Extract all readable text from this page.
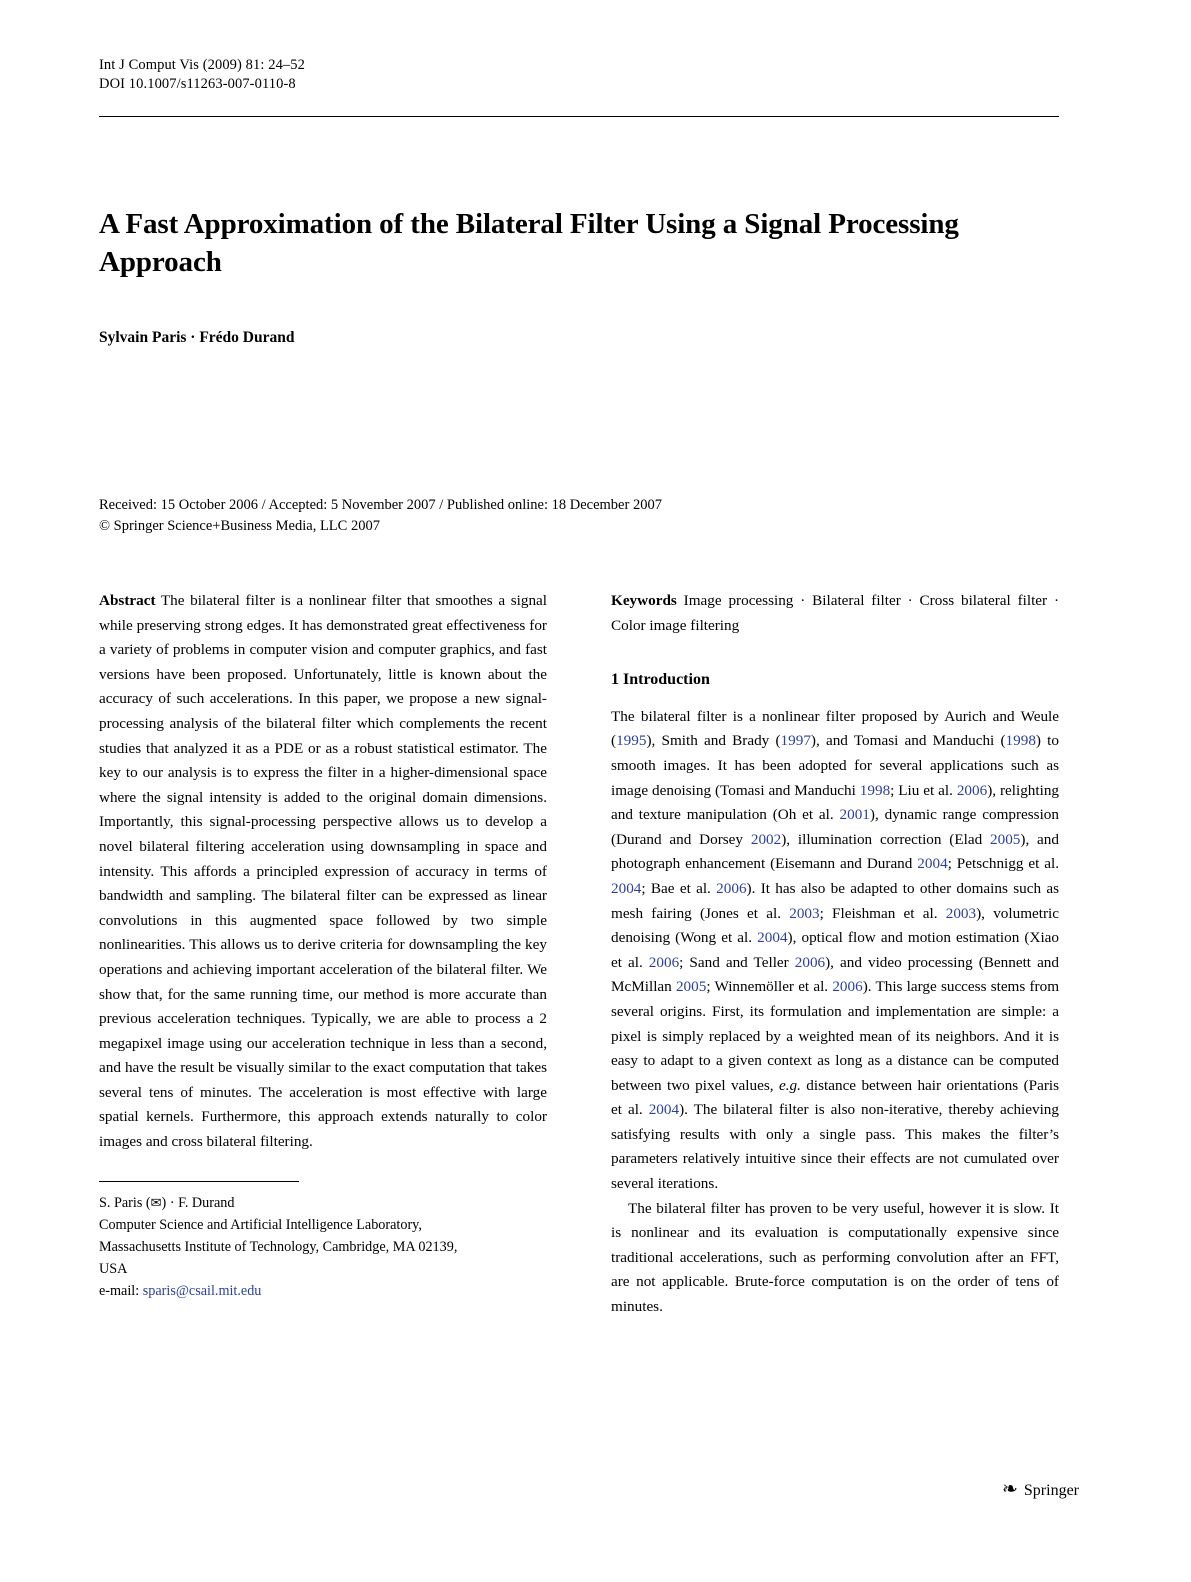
Int J Comput Vis (2009) 81: 24–52
DOI 10.1007/s11263-007-0110-8
A Fast Approximation of the Bilateral Filter Using a Signal Processing Approach
Sylvain Paris · Frédo Durand
Received: 15 October 2006 / Accepted: 5 November 2007 / Published online: 18 December 2007
© Springer Science+Business Media, LLC 2007

Abstract The bilateral filter is a nonlinear filter that smoothes a signal while preserving strong edges. It has demonstrated great effectiveness for a variety of problems in computer vision and computer graphics, and fast versions have been proposed. Unfortunately, little is known about the accuracy of such accelerations. In this paper, we propose a new signal-processing analysis of the bilateral filter which complements the recent studies that analyzed it as a PDE or as a robust statistical estimator. The key to our analysis is to express the filter in a higher-dimensional space where the signal intensity is added to the original domain dimensions. Importantly, this signal-processing perspective allows us to develop a novel bilateral filtering acceleration using downsampling in space and intensity. This affords a principled expression of accuracy in terms of bandwidth and sampling. The bilateral filter can be expressed as linear convolutions in this augmented space followed by two simple nonlinearities. This allows us to derive criteria for downsampling the key operations and achieving important acceleration of the bilateral filter. We show that, for the same running time, our method is more accurate than previous acceleration techniques. Typically, we are able to process a 2 megapixel image using our acceleration technique in less than a second, and have the result be visually similar to the exact computation that takes several tens of minutes. The acceleration is most effective with large spatial kernels. Furthermore, this approach extends naturally to color images and cross bilateral filtering.

S. Paris (✉) · F. Durand
Computer Science and Artificial Intelligence Laboratory,
Massachusetts Institute of Technology, Cambridge, MA 02139,
USA
e-mail: sparis@csail.mit.edu

Keywords Image processing · Bilateral filter · Cross bilateral filter · Color image filtering

1 Introduction

The bilateral filter is a nonlinear filter proposed by Aurich and Weule (1995), Smith and Brady (1997), and Tomasi and Manduchi (1998) to smooth images. It has been adopted for several applications such as image denoising (Tomasi and Manduchi 1998; Liu et al. 2006), relighting and texture manipulation (Oh et al. 2001), dynamic range compression (Durand and Dorsey 2002), illumination correction (Elad 2005), and photograph enhancement (Eisemann and Durand 2004; Petschnigg et al. 2004; Bae et al. 2006). It has also be adapted to other domains such as mesh fairing (Jones et al. 2003; Fleishman et al. 2003), volumetric denoising (Wong et al. 2004), optical flow and motion estimation (Xiao et al. 2006; Sand and Teller 2006), and video processing (Bennett and McMillan 2005; Winnemöller et al. 2006). This large success stems from several origins. First, its formulation and implementation are simple: a pixel is simply replaced by a weighted mean of its neighbors. And it is easy to adapt to a given context as long as a distance can be computed between two pixel values, e.g. distance between hair orientations (Paris et al. 2004). The bilateral filter is also non-iterative, thereby achieving satisfying results with only a single pass. This makes the filter’s parameters relatively intuitive since their effects are not cumulated over several iterations.

The bilateral filter has proven to be very useful, however it is slow. It is nonlinear and its evaluation is computationally expensive since traditional accelerations, such as performing convolution after an FFT, are not applicable. Brute-force computation is on the order of tens of minutes.

❧ Springer
